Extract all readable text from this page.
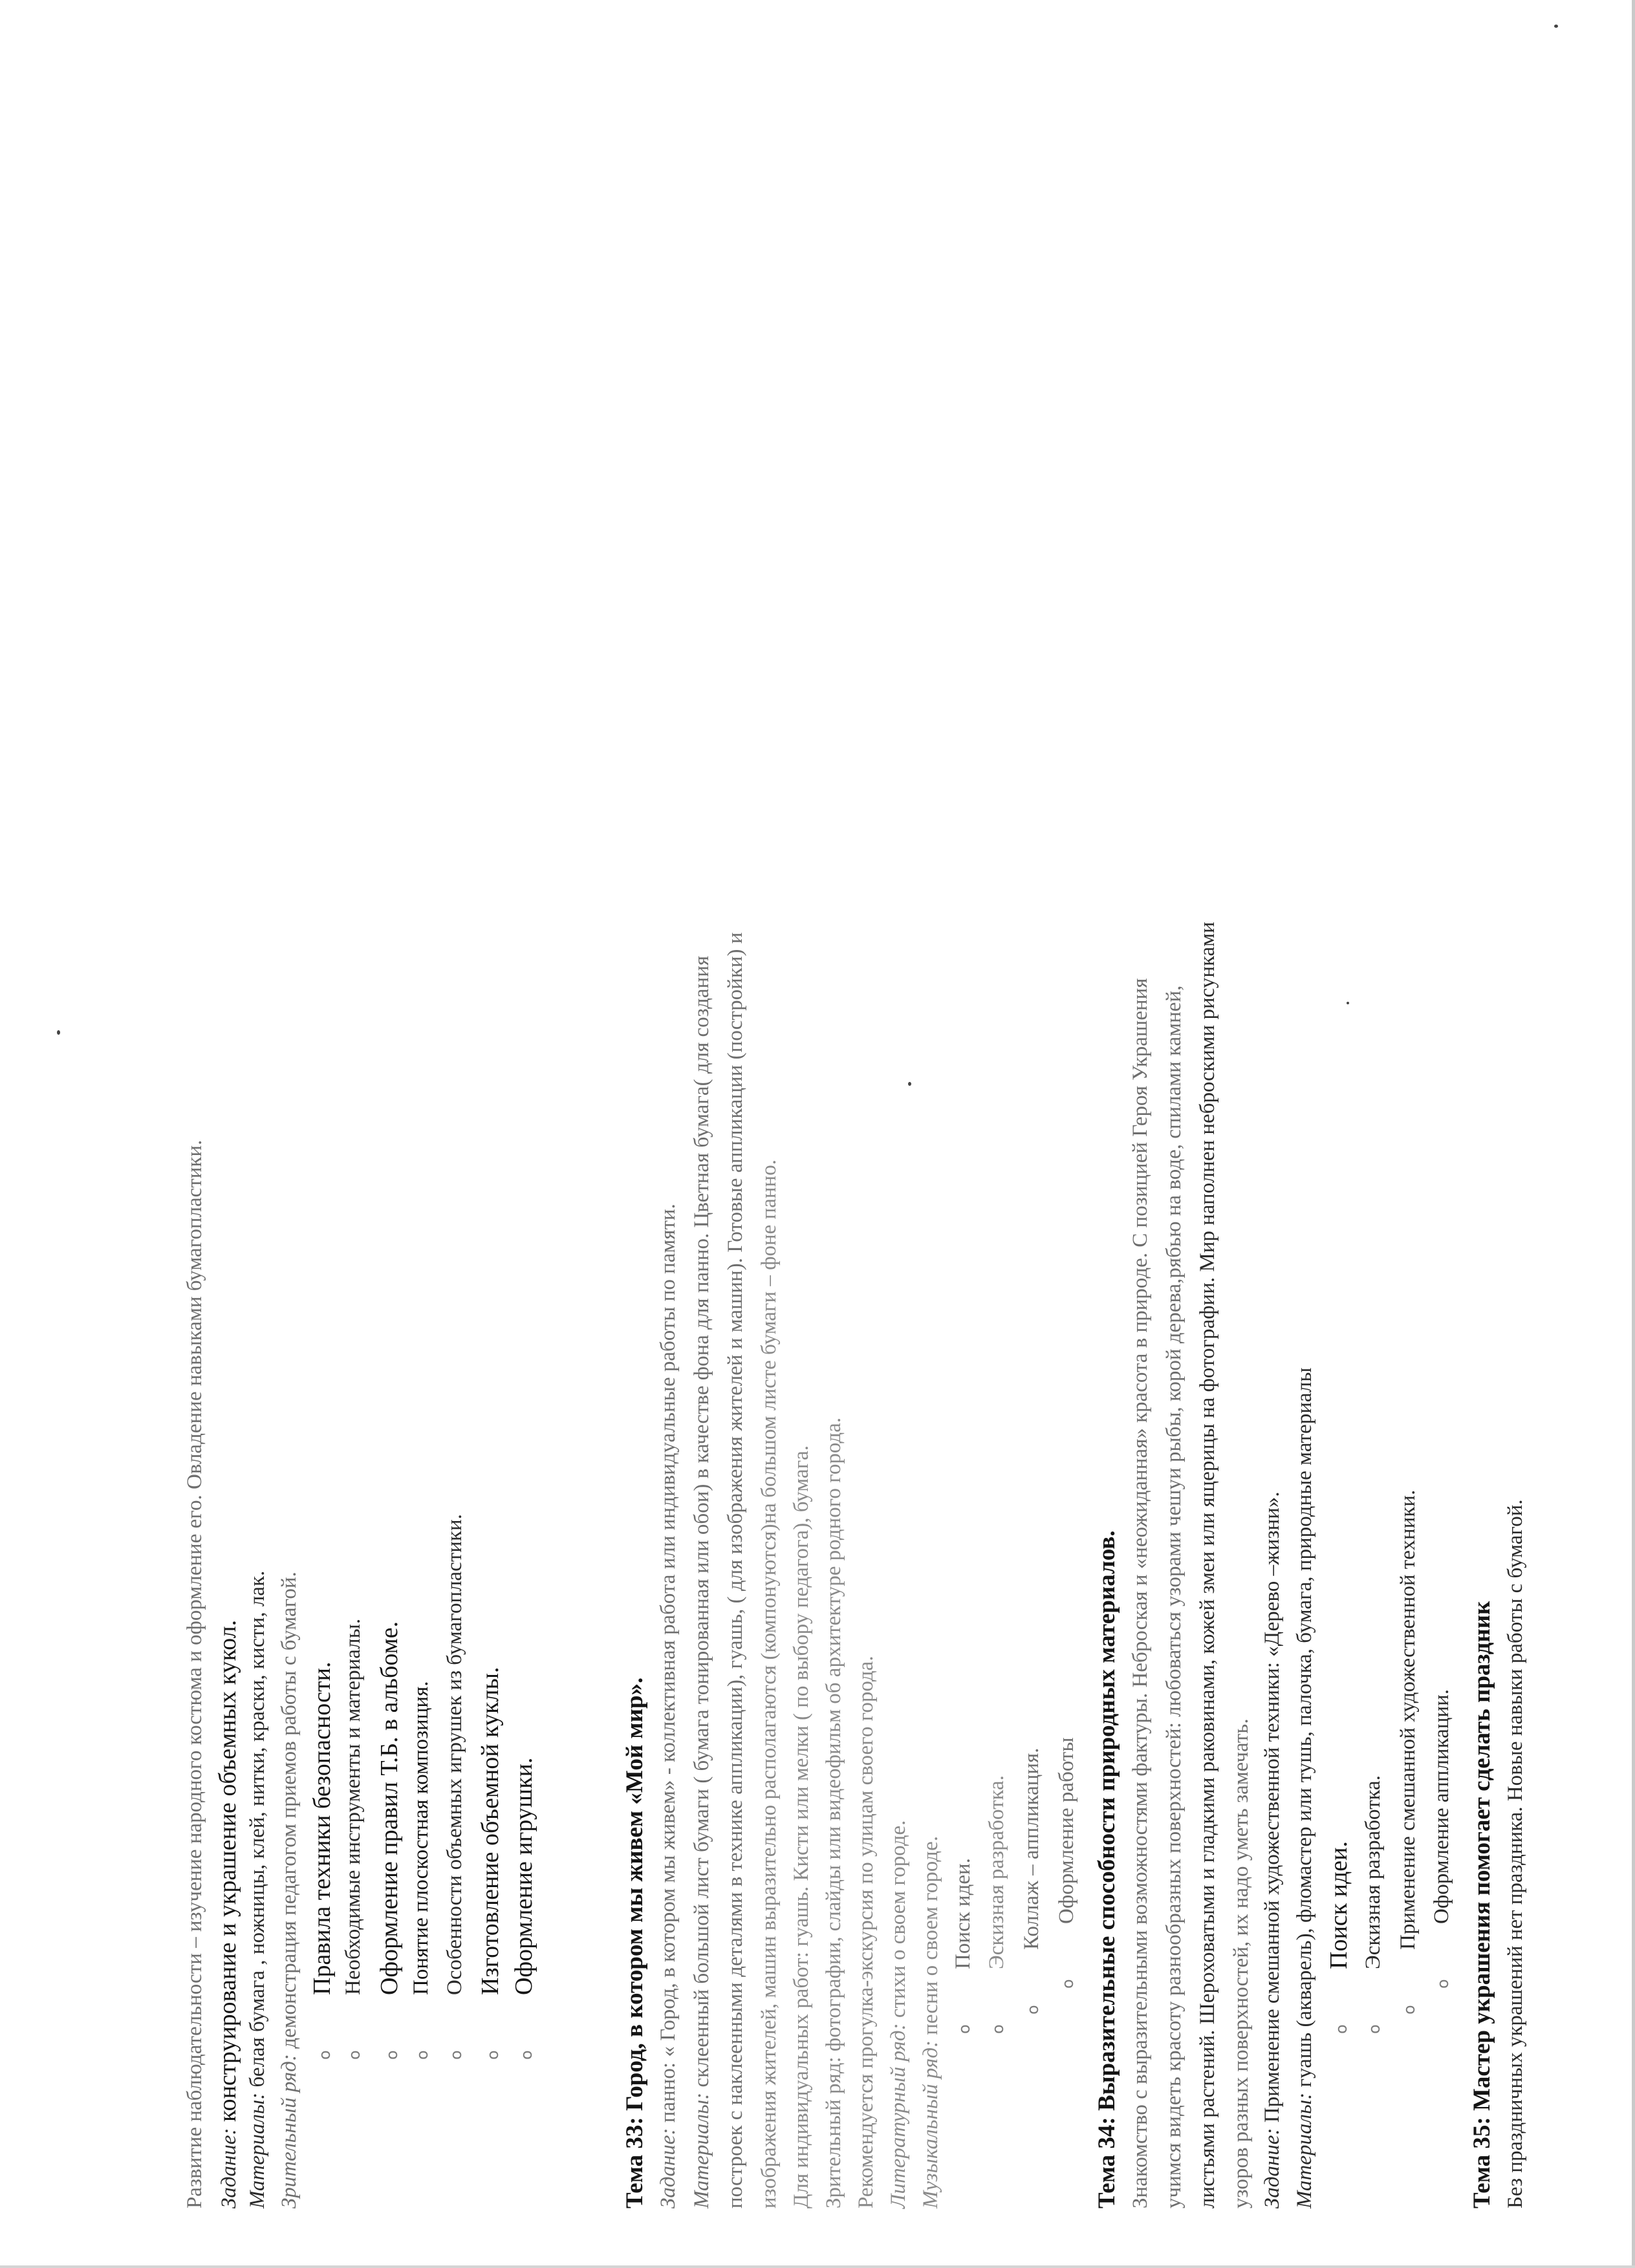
Развитие наблюдательности – изучение народного костюма и оформление его. Овладение навыками бумагопластики. Задание: конструирование и украшение объемных кукол.
Материалы: белая бумага , ножницы, клей, нитки, краски, кисти, лак.
Зрительный ряд: демонстрация педагогом приемов работы с бумагой.
oПравила техники безопасности.
oНеобходимые инструменты и материалы.
oОформление правил Т.Б. в альбоме.
oПонятие плоскостная композиция.
oОсобенности объемных игрушек из бумагопластики.
oИзготовление объемной куклы.
oОформление игрушки.	Тема 33: Город, в котором мы живем «Мой мир». Задание: панно: « Город, в котором мы живем» - коллективная работа или индивидуальные работы по памяти.
Материалы: склеенный большой лист бумаги ( бумага тонированная или обои) в качестве фона для панно. Цветная бумага( для создания построек с наклеенными деталями в технике аппликации), гуашь, ( для изображения жителей и машин). Готовые аппликации (постройки) и изображения жителей, машин выразительно располагаются (компонуются)на большом листе бумаги – фоне панно. Для индивидуальных работ: гуашь. Кисти или мелки ( по выбору педагога), бумага. Зрительный ряд: фотографии, слайды или видеофильм об архитектуре родного города. Рекомендуется прогулка-экскурсия по улицам своего города. Литературный ряд: стихи о своем городе.
Музыкальный ряд: песни о своем городе. oПоиск идеи.
oЭскизная разработка.
oКоллаж – аппликация.
oОформление работы Тема 34: Выразительные способности природных материалов. Знакомство с выразительными возможностями фактуры. Неброская и «неожиданная» красота в природе. С позицией Героя Украшения учимся видеть красоту разнообразных поверхностей: любоваться узорами чешуи рыбы, корой дерева,рябью на воде, спилами камней, листьями растений. Шероховатыми и гладкими раковинами, кожей змеи или ящерицы на фотографии. Мир наполнен неброскими рисунками узоров разных поверхностей, их надо уметь замечать. Задание: Применение смешанной художественной техники: «Дерево –жизни».
Материалы: гуашь (акварель), фломастер или тушь, палочка, бумага, природные материалы	oПоиск идеи.
oЭскизная разработка.
oПрименение смешанной художественной техники.
oОформление аппликации. Тема 35: Мастер украшения помогает сделать праздник Без праздничных украшений нет праздника. Новые навыки работы с бумагой.
